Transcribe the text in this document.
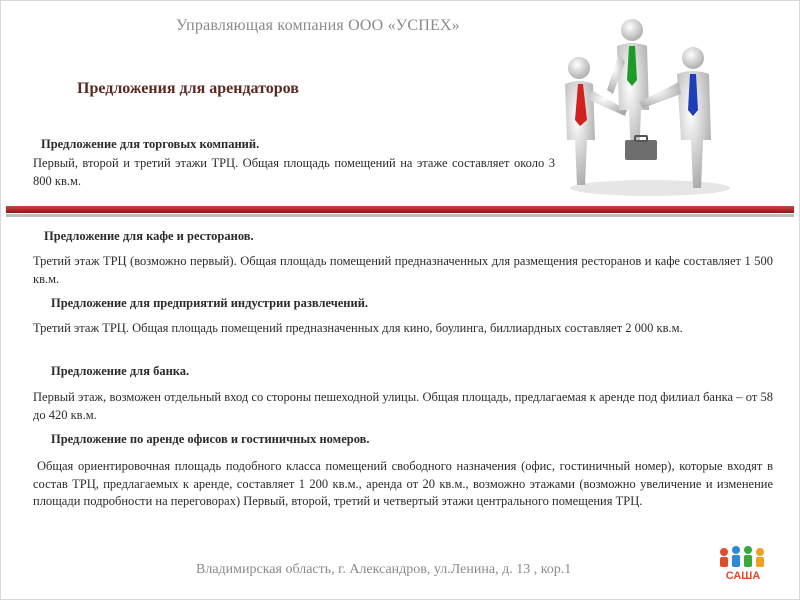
Управляющая компания ООО «УСПЕХ»
Предложения для арендаторов
Предложение для торговых компаний.
Первый, второй и третий этажи ТРЦ. Общая площадь помещений на этаже составляет около 3 800 кв.м.
Предложение для кафе и ресторанов.
Третий этаж ТРЦ (возможно первый). Общая площадь помещений предназначенных для размещения ресторанов и кафе составляет 1 500 кв.м.
Предложение для предприятий индустрии развлечений.
Третий этаж ТРЦ. Общая площадь помещений предназначенных для кино, боулинга, биллиардных составляет 2 000 кв.м.
Предложение для банка.
Первый этаж, возможен отдельный вход со стороны пешеходной улицы. Общая площадь, предлагаемая к аренде под филиал банка – от 58 до 420 кв.м.
Предложение по аренде офисов и гостиничных номеров.
Общая ориентировочная площадь подобного класса помещений свободного назначения (офис, гостиничный номер), которые входят в состав ТРЦ, предлагаемых к аренде, составляет 1 200 кв.м., аренда от 20 кв.м., возможно этажами (возможно увеличение и изменение площади подробности на переговорах) Первый, второй, третий и четвертый этажи центрального помещения ТРЦ.
Владимирская область, г. Александров, ул.Ленина, д. 13 , кор.1	САША
